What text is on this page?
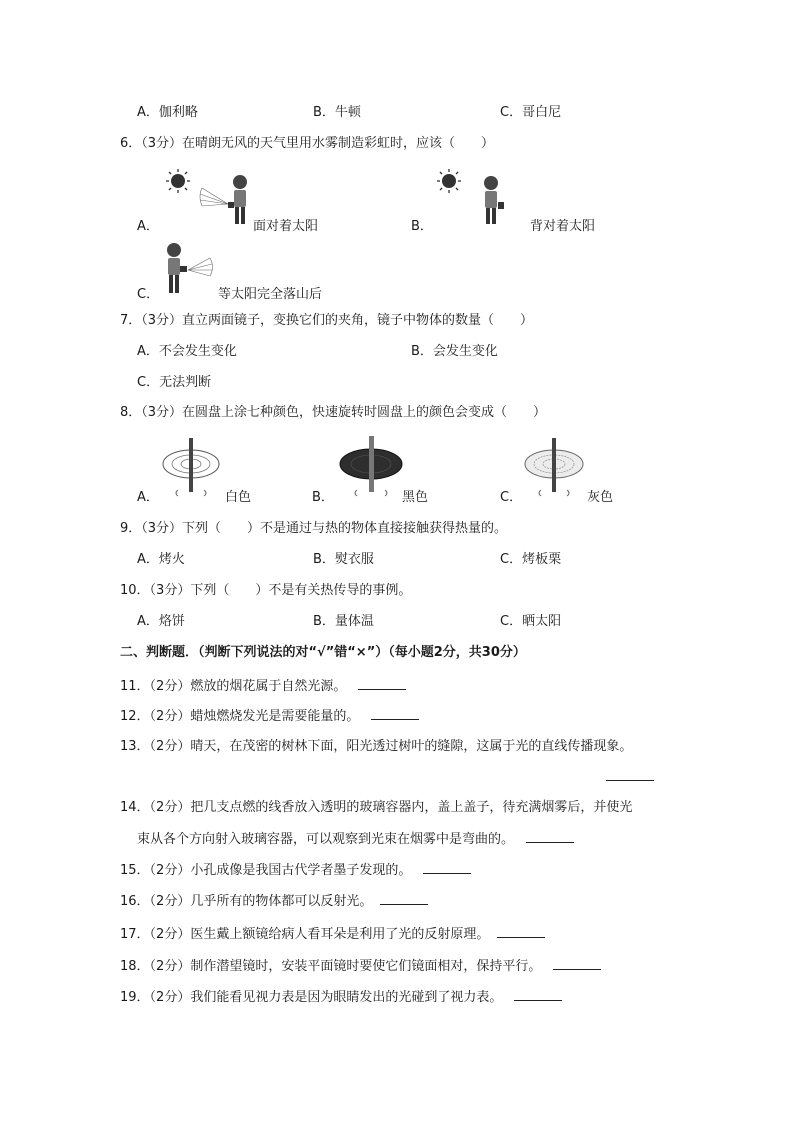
A．伽利略	B．牛顿	C．哥白尼
6．（3分）在晴朗无风的天气里用水雾制造彩虹时，应该（　　）
A．	面对着太阳	B．	背对着太阳
C．	等太阳完全落山后
7．（3分）直立两面镜子，变换它们的夹角，镜子中物体的数量（　　）
A．不会发生变化	B．会发生变化
C．无法判断
8．（3分）在圆盘上涂七种颜色，快速旋转时圆盘上的颜色会变成（　　）
A．	白色	B．	黑色	C．	灰色
9．（3分）下列（　　）不是通过与热的物体直接接触获得热量的。
A．烤火	B．熨衣服	C．烤板栗
10．（3分）下列（　　）不是有关热传导的事例。
A．烙饼	B．量体温	C．晒太阳
二、判断题．（判断下列说法的对“√”错“×”）（每小题2分，共30分）
11．（2分）燃放的烟花属于自然光源。
12．（2分）蜡烛燃烧发光是需要能量的。
13．（2分）晴天，在茂密的树林下面，阳光透过树叶的缝隙，这属于光的直线传播现象。
14．（2分）把几支点燃的线香放入透明的玻璃容器内，盖上盖子，待充满烟雾后，并使光
束从各个方向射入玻璃容器，可以观察到光束在烟雾中是弯曲的。
15．（2分）小孔成像是我国古代学者墨子发现的。
16．（2分）几乎所有的物体都可以反射光。
17．（2分）医生戴上额镜给病人看耳朵是利用了光的反射原理。
18．（2分）制作潜望镜时，安装平面镜时要使它们镜面相对，保持平行。
19．（2分）我们能看见视力表是因为眼睛发出的光碰到了视力表。
